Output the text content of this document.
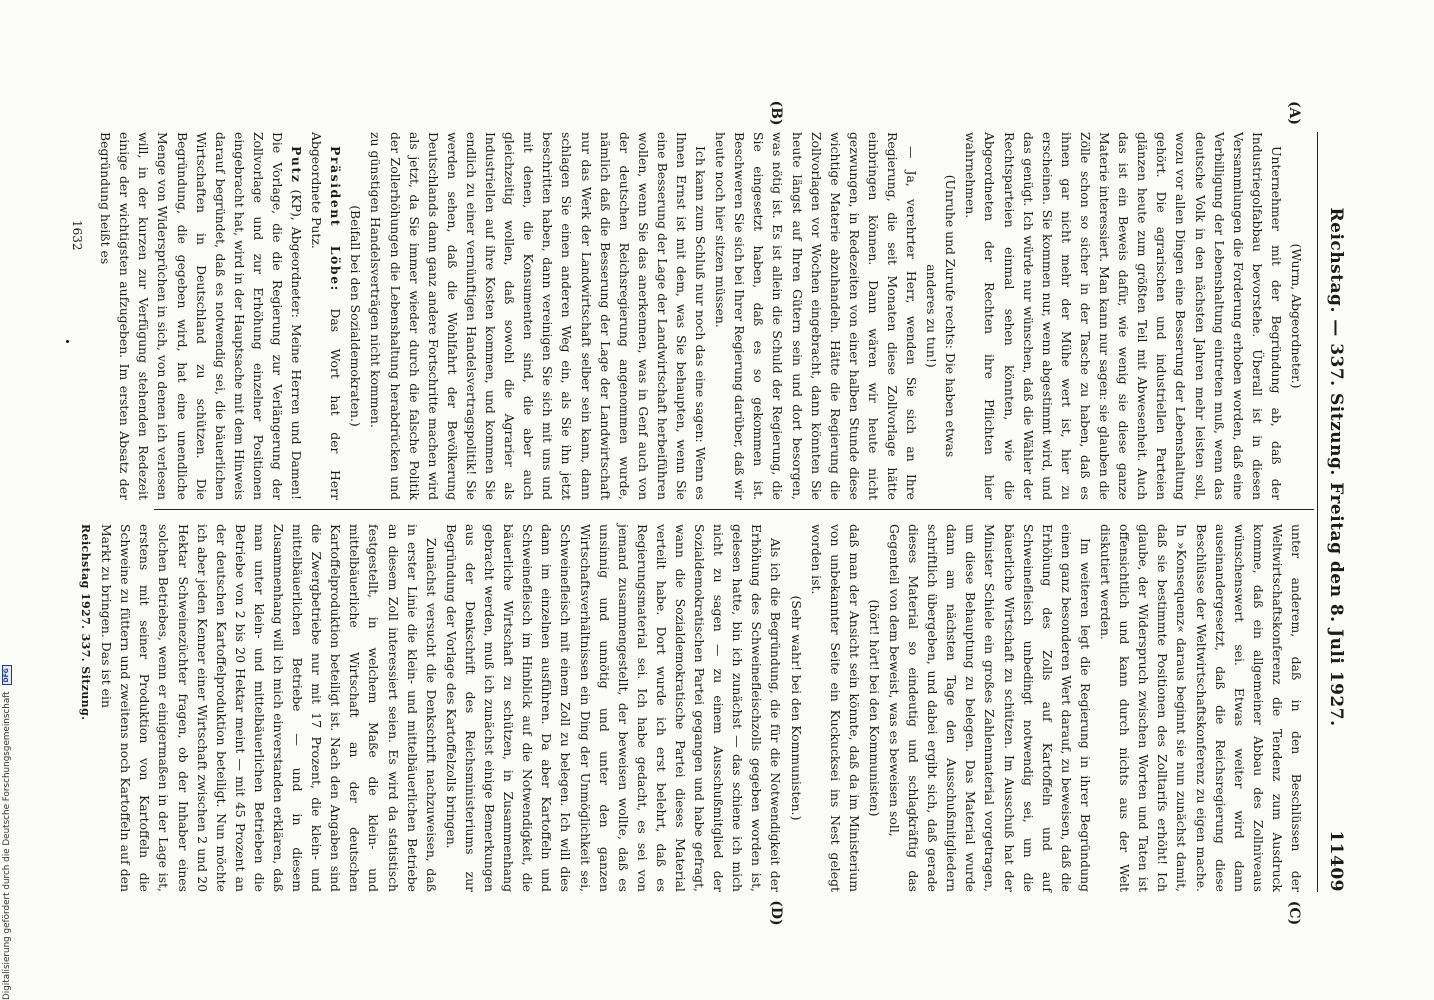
Reichstag. — 337. Sitzung. Freitag den 8. Juli 1927.
11409
(A)
(B)
(C)
(D)

(Wurm, Abgeordneter.)

Unternehmer mit der Begründung ab, daß der Industriegolfabbau bevorstehe. Überall ist in diesen Versammlungen die Forderung erhoben worden, daß eine Verbilligung der Lebenshaltung eintreten muß, wenn das deutsche Volk in den nächsten Jahren mehr leisten soll, wozu vor allen Dingen eine Besserung der Lebenshaltung gehört. Die agrarischen und industriellen Parteien glänzen heute zum größten Teil mit Abwesenheit. Auch das ist ein Beweis dafür, wie wenig sie diese ganze Materie interessiert. Man kann nur sagen: sie glauben die Zölle schon so sicher in der Tasche zu haben, daß es ihnen gar nicht mehr der Mühe wert ist, hier zu erscheinen. Sie kommen nur, wenn abgestimmt wird, und das genügt. Ich würde nur wünschen, daß die Wähler der Rechtsparteien einmal sehen könnten, wie die Abgeordneten der Rechten ihre Pflichten hier wahrnehmen.

(Unruhe und Zurufe rechts: Die haben etwas anderes zu tun!)

— Ja, verehrter Herr, wenden Sie sich an Ihre Regierung, die seit Monaten diese Zollvorlage hätte einbringen können. Dann wären wir heute nicht gezwungen, in Redezeiten von einer halben Stunde diese wichtige Materie abzuhandeln. Hätte die Regierung die Zollvorlagen vor Wochen eingebracht, dann könnten Sie heute längst auf Ihren Gütern sein und dort besorgen, was nötig ist. Es ist allein die Schuld der Regierung, die Sie eingesetzt haben, daß es so gekommen ist. Beschweren Sie sich bei Ihrer Regierung darüber, daß wir heute noch hier sitzen müssen.

Ich kann zum Schluß nur noch das eine sagen: Wenn es Ihnen Ernst ist mit dem, was Sie behaupten, wenn Sie eine Besserung der Lage der Landwirtschaft herbeiführen wollen, wenn Sie das anerkennen, was in Genf auch von der deutschen Reichsregierung angenommen wurde, nämlich daß die Besserung der Lage der Landwirtschaft nur das Werk der Landwirtschaft selber sein kann, dann schlagen Sie einen anderen Weg ein, als Sie ihn jetzt beschritten haben, dann vereinigen Sie sich mit uns und mit denen, die Konsumenten sind, die aber auch gleichzeitig wollen, daß sowohl die Agrarier als Industriellen auf ihre Kosten kommen, und kommen Sie endlich zu einer vernünftigen Handelsvertragspolitik! Sie werden sehen, daß die Wohlfahrt der Bevölkerung Deutschlands dann ganz andere Fortschritte machen wird als jetzt, da Sie immer wieder durch die falsche Politik der Zollerhöhungen die Lebenshaltung herabdrücken und zu günstigen Handelsverträgen nicht kommen.

(Beifall bei den Sozialdemokraten.)

Präsident Löbe: Das Wort hat der Herr Abgeordnete Putz.

Putz (KP), Abgeordneter: Meine Herren und Damen! Die Vorlage, die die Regierung zur Verlängerung der Zollvorlage und zur Erhöhung einzelner Positionen eingebracht hat, wird in der Hauptsache mit dem Hinweis darauf begründet, daß es notwendig sei, die bäuerlichen Wirtschaften in Deutschland zu schützen. Die Begründung, die gegeben wird, hat eine unendliche Menge von Widersprüchen in sich, von denen ich verlesen will, in der kurzen zur Verfügung stehenden Redezeit einige der wichtigsten aufzugeben. Im ersten Absatz der Begründung heißt es

unter anderem, daß in den Beschlüssen der Weltwirtschaftskonferenz die Tendenz zum Ausdruck komme, daß ein allgemeiner Abbau des Zollniveaus wünschenswert sei. Etwas weiter wird dann auseinandergesetzt, daß die Reichsregierung diese Beschlüsse der Weltwirtschaftskonferenz zu eigen mache. In »Konsequenz« daraus beginnt sie nun zunächst damit, daß sie bestimmte Positionen des Zolltarifs erhöht! Ich glaube, der Widerspruch zwischen Worten und Taten ist offensichtlich und kann durch nichts aus der Welt diskutiert werden.

Im weiteren legt die Regierung in ihrer Begründung einen ganz besonderen Wert darauf, zu beweisen, daß die Erhöhung des Zolls auf Kartoffeln und auf Schweinefleisch unbedingt notwendig sei, um die bäuerliche Wirtschaft zu schützen. Im Ausschuß hat der Minister Schiele ein großes Zahlenmaterial vorgetragen, um diese Behauptung zu belegen. Das Material wurde dann am nächsten Tage den Ausschußmitgliedern schriftlich übergeben, und dabei ergibt sich, daß gerade dieses Material so eindeutig und schlagkräftig das Gegenteil von dem beweist, was es beweisen soll,

(hört! hört! bei den Kommunisten)

daß man der Ansicht sein könnte, daß da im Ministerium von unbekannter Seite ein Kuckucksei ins Nest gelegt worden ist.

(Sehr wahr! bei den Kommunisten.)

Als ich die Begründung, die für die Notwendigkeit der Erhöhung des Schweinefleischzolls gegeben worden ist, gelesen hatte, bin ich zunächst — das schiene ich mich nicht zu sagen — zu einem Ausschußmitglied der Sozialdemokratischen Partei gegangen und habe gefragt, wann die Sozialdemokratische Partei dieses Material verteilt habe. Dort wurde ich erst belehrt, daß es Regierungsmaterial sei. Ich habe gedacht, es sei von jemand zusammengestellt, der beweisen wollte, daß es unsinnig und unnötig und unter den ganzen Wirtschaftsverhältnissen ein Ding der Unmöglichkeit sei, Schweinefleisch mit einem Zoll zu belegen. Ich will dies dann im einzelnen ausführen. Da aber Kartoffeln und Schweinefleisch im Hinblick auf die Notwendigkeit, die bäuerliche Wirtschaft zu schützen, in Zusammenhang gebracht werden, muß ich zunächst einige Bemerkungen aus der Denkschrift des Reichsministeriums zur Begründung der Vorlage des Kartoffelzolls bringen.

Zunächst versucht die Denkschrift nachzuweisen, daß in erster Linie die klein- und mittelbäuerlichen Betriebe an diesem Zoll interessiert seien. Es wird da statistisch festgestellt, in welchem Maße die klein- und mittelbäuerliche Wirtschaft an der deutschen Kartoffelproduktion beteiligt ist. Nach den Angaben sind die Zwergbetriebe nur mit 17 Prozent, die klein- und mittelbäuerlichen Betriebe — und in diesem Zusammenhang will ich mich einverstanden erklären, daß man unter klein- und mittelbäuerlichen Betrieben die Betriebe von 2 bis 20 Hektar meint — mit 45 Prozent an der deutschen Kartoffelproduktion beteiligt. Nun möchte ich aber jeden Kenner einer Wirtschaft zwischen 2 und 20 Hektar Schweinezüchter fragen, ob der Inhaber eines solchen Betriebes, wenn er einigermaßen in der Lage ist, erstens mit seiner Produktion von Kartoffeln die Schweine zu füttern und zweitens noch Kartoffeln auf den Markt zu bringen. Das ist ein

Reichstag 1927. 337. Sitzung.
1632
Digitalisierung gefördert durch die Deutsche Forschungsgemeinschaft
DFG
